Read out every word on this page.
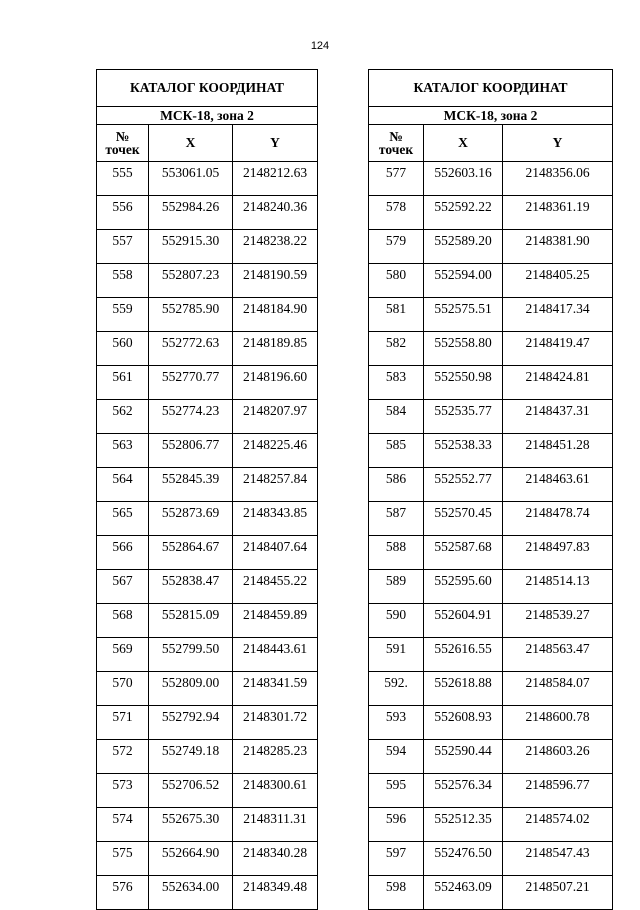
124
КАТАЛОГ КООРДИНАТ		
МСК-18, зона 2		
№
точек	X	Y
555	553061.05	2148212.63
556	552984.26	2148240.36
557	552915.30	2148238.22
558	552807.23	2148190.59
559	552785.90	2148184.90
560	552772.63	2148189.85
561	552770.77	2148196.60
562	552774.23	2148207.97
563	552806.77	2148225.46
564	552845.39	2148257.84
565	552873.69	2148343.85
566	552864.67	2148407.64
567	552838.47	2148455.22
568	552815.09	2148459.89
569	552799.50	2148443.61
570	552809.00	2148341.59
571	552792.94	2148301.72
572	552749.18	2148285.23
573	552706.52	2148300.61
574	552675.30	2148311.31
575	552664.90	2148340.28
576	552634.00	2148349.48
КАТАЛОГ КООРДИНАТ		
МСК-18, зона 2		
№
точек	X	Y
577	552603.16	2148356.06
578	552592.22	2148361.19
579	552589.20	2148381.90
580	552594.00	2148405.25
581	552575.51	2148417.34
582	552558.80	2148419.47
583	552550.98	2148424.81
584	552535.77	2148437.31
585	552538.33	2148451.28
586	552552.77	2148463.61
587	552570.45	2148478.74
588	552587.68	2148497.83
589	552595.60	2148514.13
590	552604.91	2148539.27
591	552616.55	2148563.47
592.	552618.88	2148584.07
593	552608.93	2148600.78
594	552590.44	2148603.26
595	552576.34	2148596.77
596	552512.35	2148574.02
597	552476.50	2148547.43
598	552463.09	2148507.21
